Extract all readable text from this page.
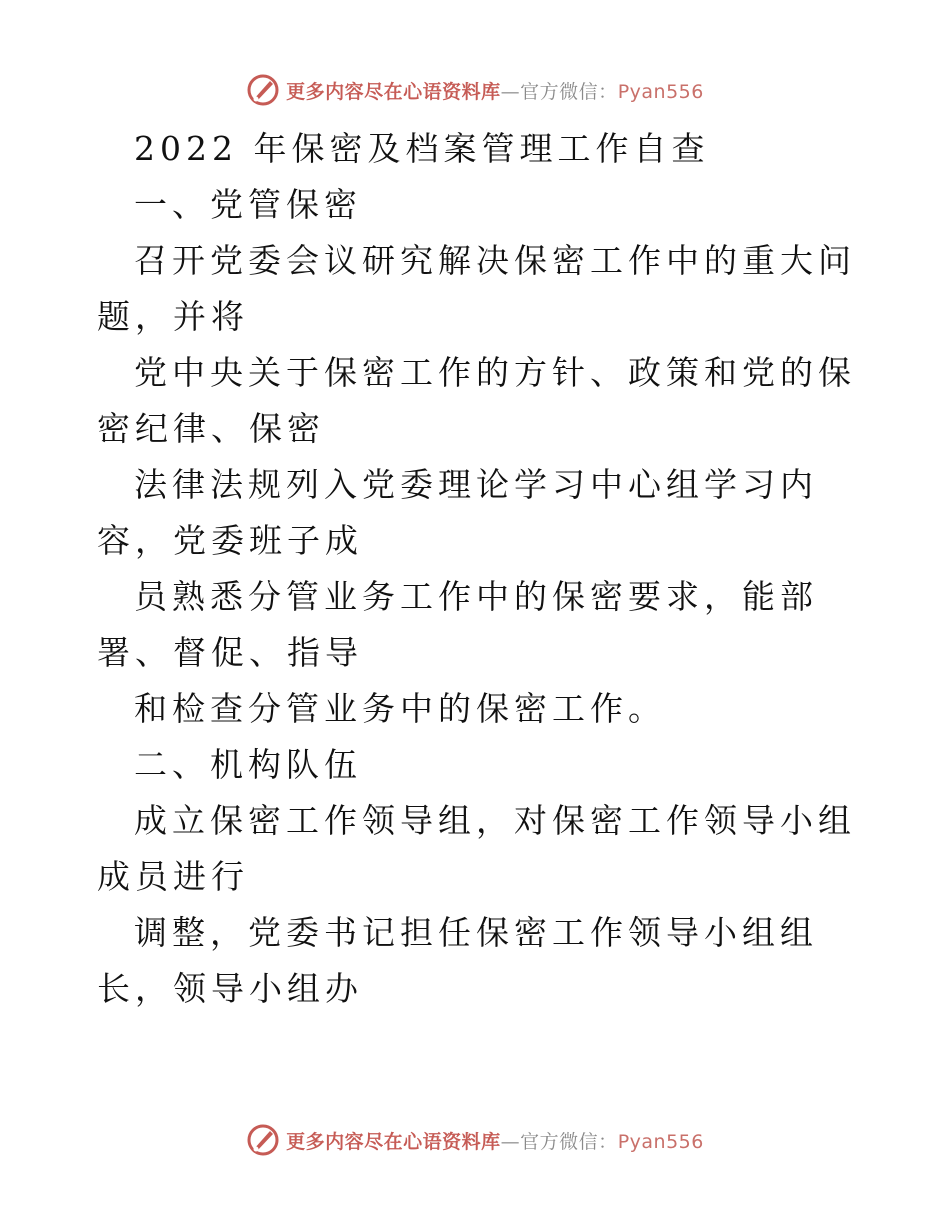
更多内容尽在心语资料库—官方微信：Pyan556

2022 年保密及档案管理工作自查

一、党管保密

召开党委会议研究解决保密工作中的重大问题，并将

党中央关于保密工作的方针、政策和党的保密纪律、保密

法律法规列入党委理论学习中心组学习内容，党委班子成

员熟悉分管业务工作中的保密要求，能部署、督促、指导

和检查分管业务中的保密工作。

二、机构队伍

成立保密工作领导组，对保密工作领导小组成员进行

调整，党委书记担任保密工作领导小组组长，领导小组办

更多内容尽在心语资料库—官方微信：Pyan556
